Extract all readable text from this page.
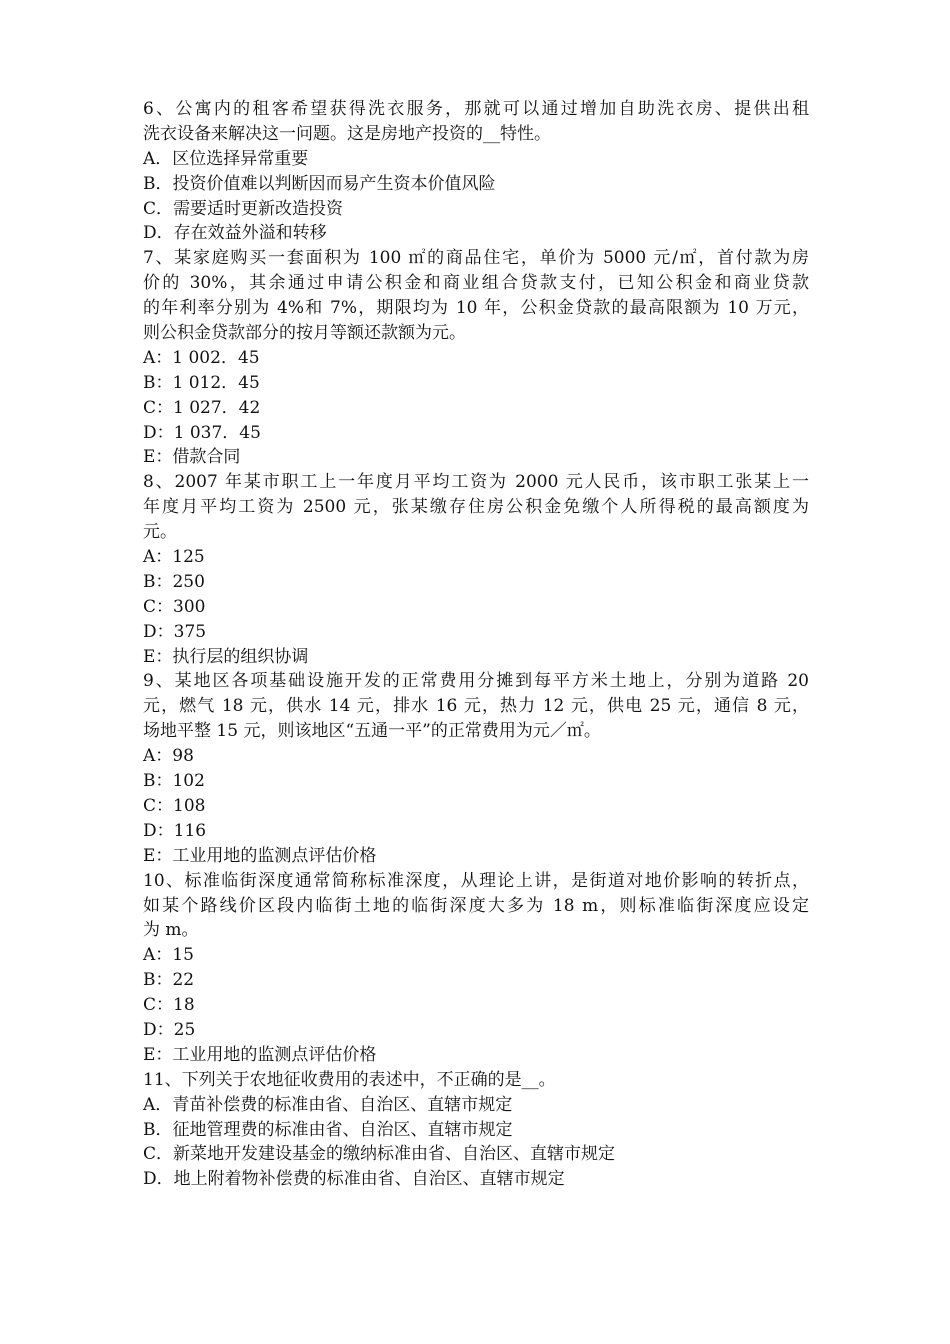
6、公寓内的租客希望获得洗衣服务，那就可以通过增加自助洗衣房、提供出租
洗衣设备来解决这一问题。这是房地产投资的__特性。
A．区位选择异常重要
B．投资价值难以判断因而易产生资本价值风险
C．需要适时更新改造投资
D．存在效益外溢和转移
7、某家庭购买一套面积为 100 ㎡的商品住宅，单价为 5000 元/㎡，首付款为房
价的 30%，其余通过申请公积金和商业组合贷款支付，已知公积金和商业贷款
的年利率分别为 4%和 7%，期限均为 10 年，公积金贷款的最高限额为 10 万元，
则公积金贷款部分的按月等额还款额为元。
A：1 002．45
B：1 012．45
C：1 027．42
D：1 037．45
E：借款合同
8、2007 年某市职工上一年度月平均工资为 2000 元人民币，该市职工张某上一
年度月平均工资为 2500 元，张某缴存住房公积金免缴个人所得税的最高额度为
元。
A：125
B：250
C：300
D：375
E：执行层的组织协调
9、某地区各项基础设施开发的正常费用分摊到每平方米土地上，分别为道路 20
元，燃气 18 元，供水 14 元，排水 16 元，热力 12 元，供电 25 元，通信 8 元，
场地平整 15 元，则该地区“五通一平”的正常费用为元／㎡。
A：98
B：102
C：108
D：116
E：工业用地的监测点评估价格
10、标准临街深度通常简称标准深度，从理论上讲，是街道对地价影响的转折点，
如某个路线价区段内临街土地的临街深度大多为 18 m，则标准临街深度应设定
为 m。
A：15
B：22
C：18
D：25
E：工业用地的监测点评估价格
11、下列关于农地征收费用的表述中，不正确的是__。
A．青苗补偿费的标准由省、自治区、直辖市规定
B．征地管理费的标准由省、自治区、直辖市规定
C．新菜地开发建设基金的缴纳标准由省、自治区、直辖市规定
D．地上附着物补偿费的标准由省、自治区、直辖市规定
